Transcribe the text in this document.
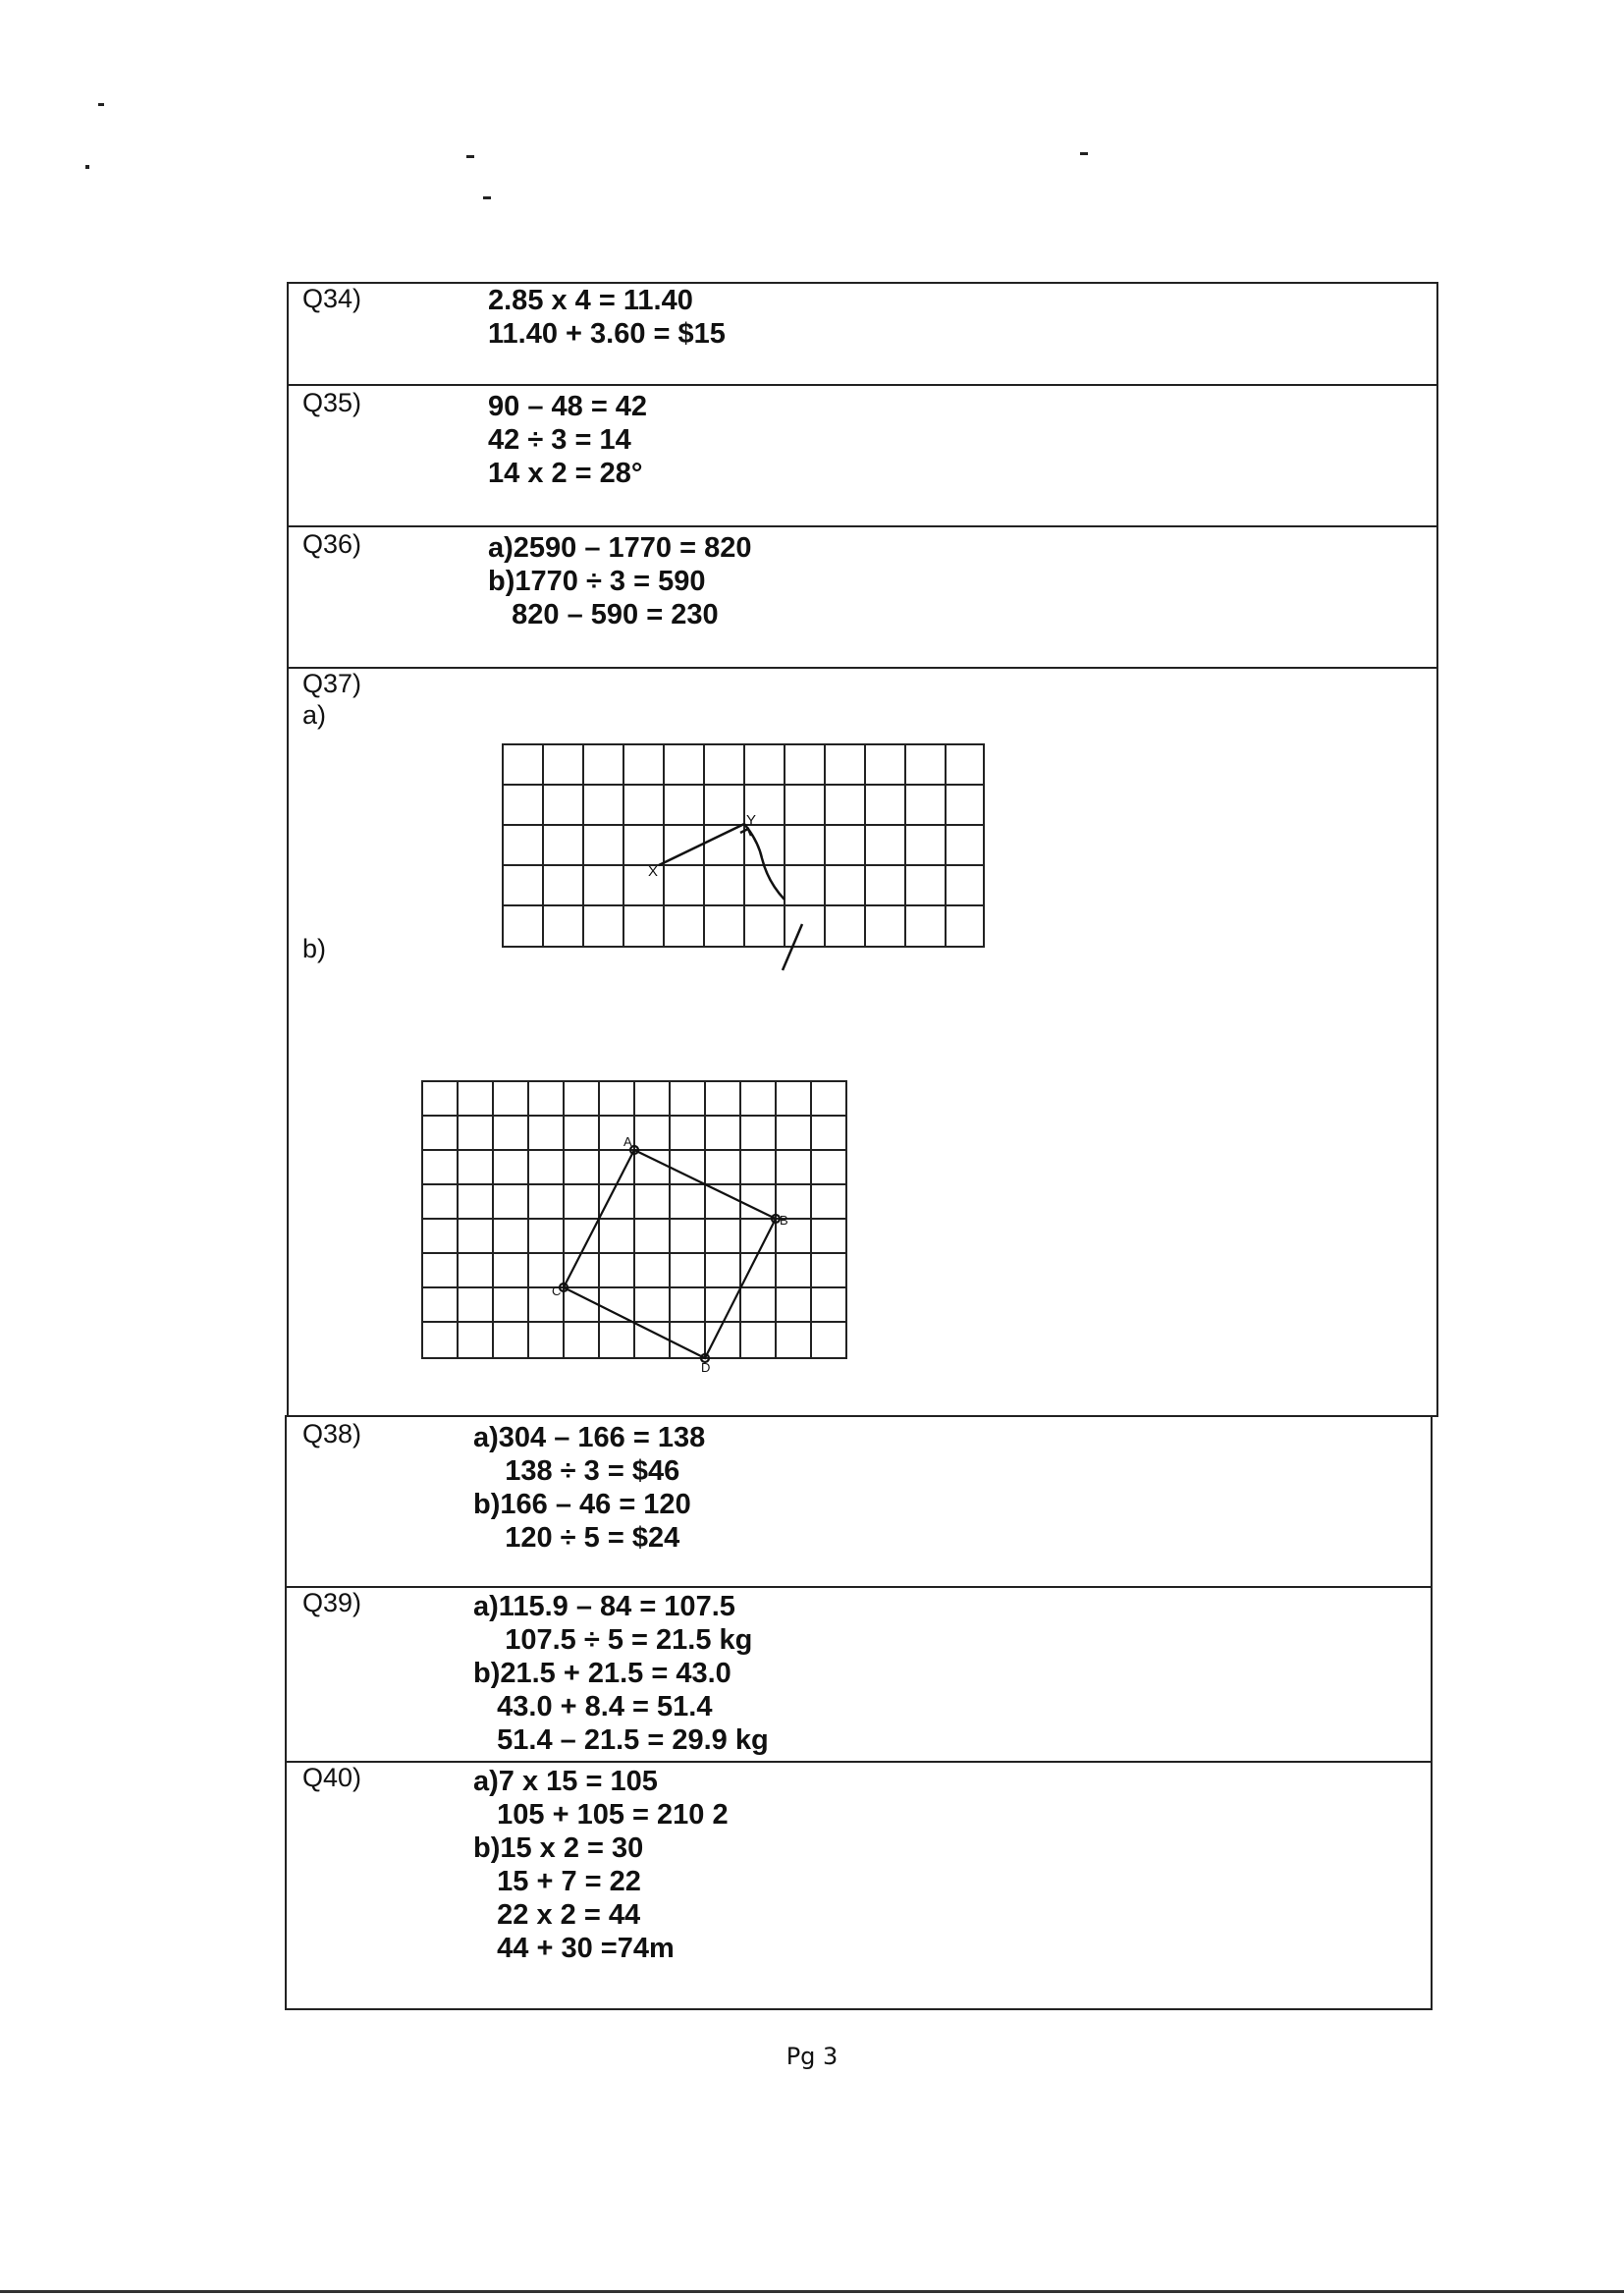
Q34)	2.85 x 4 = 11.40
11.40 + 3.60 = $15
Q35)	90 – 48 = 42
42 ÷ 3 = 14
14 x 2 = 28°
Q36)	a)2590 – 1770 = 820
b)1770 ÷ 3 = 590
820 – 590 = 230
Q37)
a)
b)
X
Y
A
B
C
D
Q38)	a)304 – 166 = 138
138 ÷ 3 = $46
b)166 – 46 = 120
120 ÷ 5 = $24
Q39)	a)115.9 – 84 = 107.5
107.5 ÷ 5 = 21.5 kg
b)21.5 + 21.5 = 43.0
43.0 + 8.4 = 51.4
51.4 – 21.5 = 29.9 kg
Q40)	a)7 x 15 = 105
105 + 105 = 210 2
b)15 x 2 = 30
15 + 7 = 22
22 x 2 = 44
44 + 30 =74m
Pg 3
